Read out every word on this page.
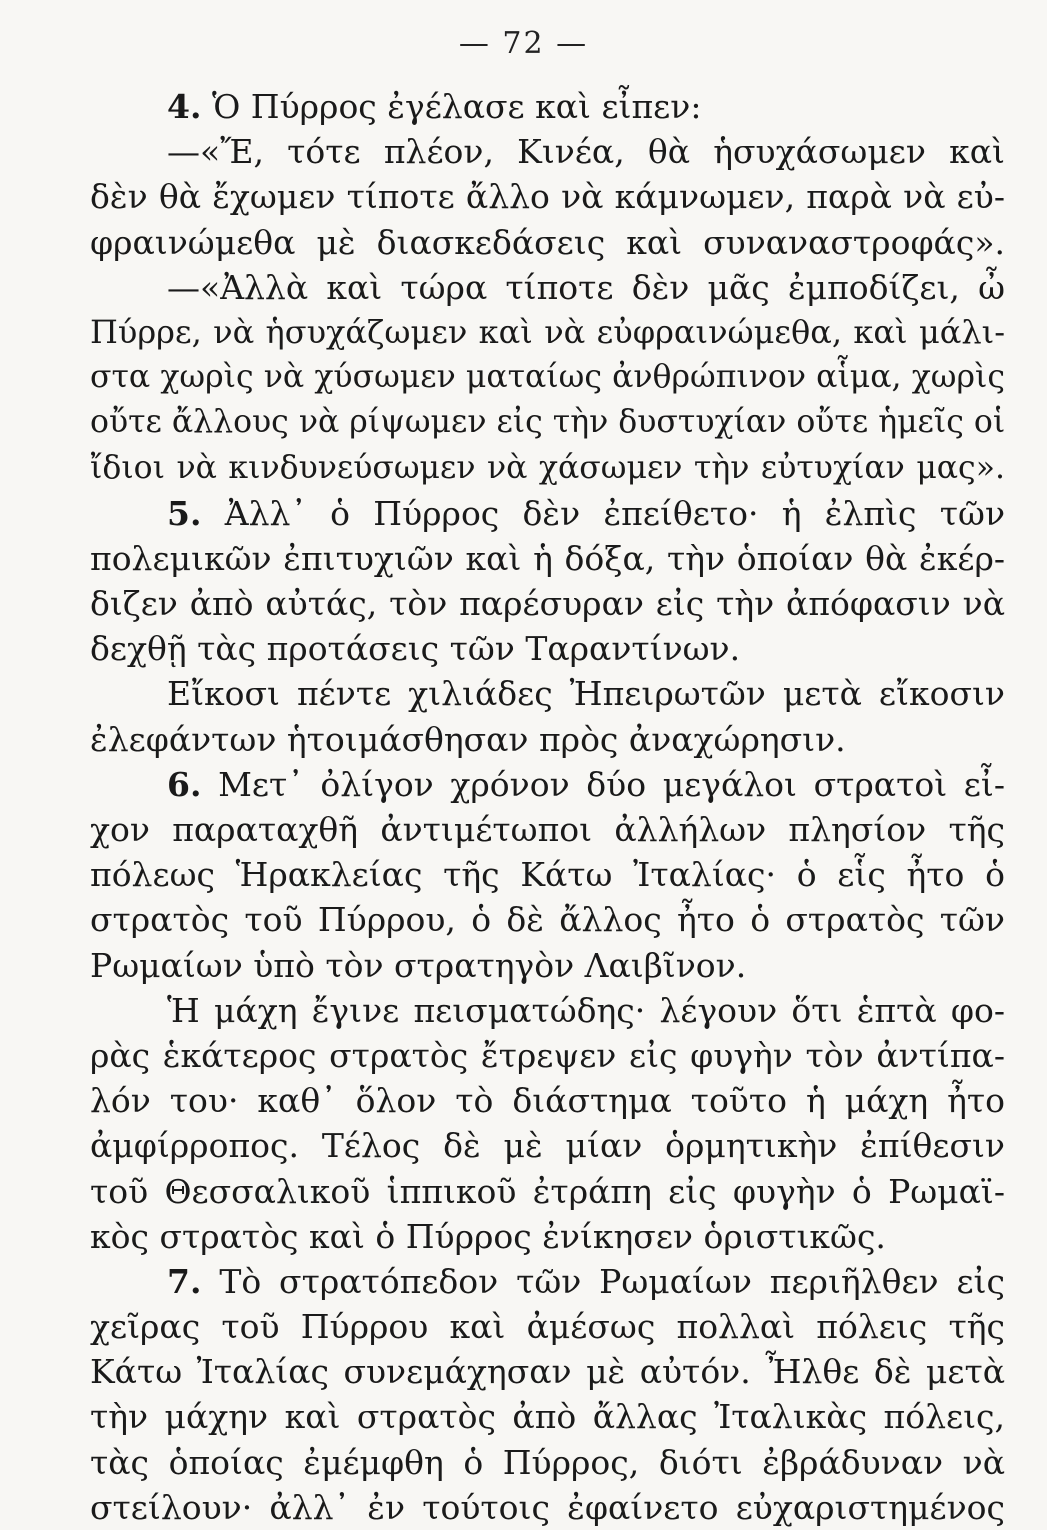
— 72 —
4. Ὁ Πύρρος ἐγέλασε καὶ εἶπεν:
—«Ἔ, τότε πλέον, Κινέα, θὰ ἡσυχάσωμεν καὶ
δὲν θὰ ἔχωμεν τίποτε ἄλλο νὰ κάμνωμεν, παρὰ νὰ εὐ-
φραινώμεθα μὲ διασκεδάσεις καὶ συναναστροφάς».
—«Ἀλλὰ καὶ τώρα τίποτε δὲν μᾶς ἐμποδίζει, ὦ
Πύρρε, νὰ ἡσυχάζωμεν καὶ νὰ εὐφραινώμεθα, καὶ μάλι-
στα χωρὶς νὰ χύσωμεν ματαίως ἀνθρώπινον αἷμα, χωρὶς
οὔτε ἄλλους νὰ ρίψωμεν εἰς τὴν δυστυχίαν οὔτε ἡμεῖς οἱ
ἴδιοι νὰ κινδυνεύσωμεν νὰ χάσωμεν τὴν εὐτυχίαν μας».
5. Ἀλλ᾽ ὁ Πύρρος δὲν ἐπείθετο· ἡ ἐλπὶς τῶν
πολεμικῶν ἐπιτυχιῶν καὶ ἡ δόξα, τὴν ὁποίαν θὰ ἐκέρ-
διζεν ἀπὸ αὐτάς, τὸν παρέσυραν εἰς τὴν ἀπόφασιν νὰ
δεχθῇ τὰς προτάσεις τῶν Ταραντίνων.
Εἴκοσι πέντε χιλιάδες Ἠπειρωτῶν μετὰ εἴκοσιν
ἐλεφάντων ἡτοιμάσθησαν πρὸς ἀναχώρησιν.
6. Μετ᾽ ὀλίγον χρόνον δύο μεγάλοι στρατοὶ εἶ-
χον παραταχθῆ ἀντιμέτωποι ἀλλήλων πλησίον τῆς
πόλεως Ἡρακλείας τῆς Κάτω Ἰταλίας· ὁ εἷς ἦτο ὁ
στρατὸς τοῦ Πύρρου, ὁ δὲ ἄλλος ἦτο ὁ στρατὸς τῶν
Ρωμαίων ὑπὸ τὸν στρατηγὸν Λαιβῖνον.
Ἡ μάχη ἔγινε πεισματώδης· λέγουν ὅτι ἑπτὰ φο-
ρὰς ἑκάτερος στρατὸς ἔτρεψεν εἰς φυγὴν τὸν ἀντίπα-
λόν του· καθ᾽ ὅλον τὸ διάστημα τοῦτο ἡ μάχη ἦτο
ἀμφίρροπος. Τέλος δὲ μὲ μίαν ὁρμητικὴν ἐπίθεσιν
τοῦ Θεσσαλικοῦ ἱππικοῦ ἐτράπη εἰς φυγὴν ὁ Ρωμαϊ-
κὸς στρατὸς καὶ ὁ Πύρρος ἐνίκησεν ὁριστικῶς.
7. Τὸ στρατόπεδον τῶν Ρωμαίων περιῆλθεν εἰς
χεῖρας τοῦ Πύρρου καὶ ἀμέσως πολλαὶ πόλεις τῆς
Κάτω Ἰταλίας συνεμάχησαν μὲ αὐτόν. Ἦλθε δὲ μετὰ
τὴν μάχην καὶ στρατὸς ἀπὸ ἄλλας Ἰταλικὰς πόλεις,
τὰς ὁποίας ἐμέμφθη ὁ Πύρρος, διότι ἐβράδυναν νὰ
στείλουν· ἀλλ᾽ ἐν τούτοις ἐφαίνετο εὐχαριστημένος
